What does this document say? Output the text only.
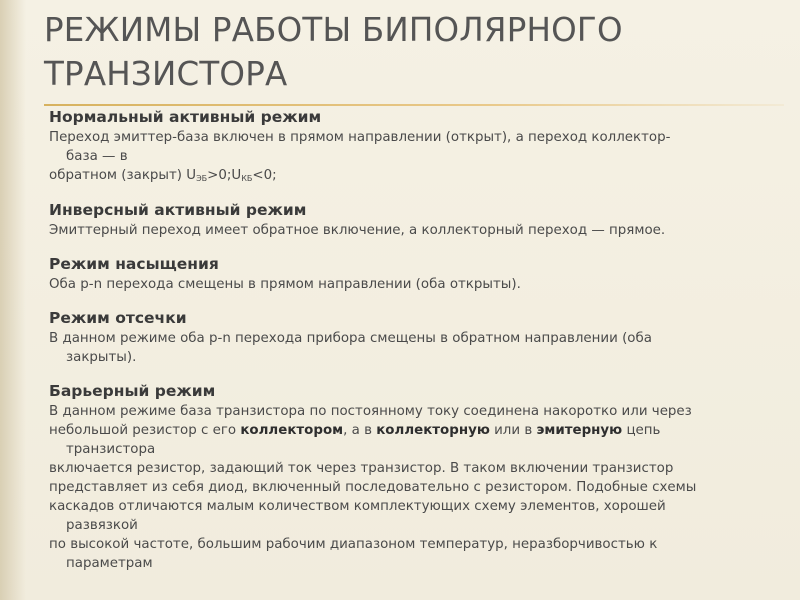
РЕЖИМЫ РАБОТЫ БИПОЛЯРНОГО
ТРАНЗИСТОРА

Нормальный активный режим

Переход эмиттер-база включен в прямом направлении (открыт), а переход коллектор-

база — в

обратном (закрыт) $U_{ЭБ}>0;U_{КБ}<0$;

Инверсный активный режим

Эмиттерный переход имеет обратное включение, а коллекторный переход — прямое.

Режим насыщения

Оба p-n перехода смещены в прямом направлении (оба открыты).

Режим отсечки

В данном режиме оба p-n перехода прибора смещены в обратном направлении (оба

закрыты).

Барьерный режим

В данном режиме база транзистора по постоянному току соединена накоротко или через

небольшой резистор с его коллектором, а в коллекторную или в эмитерную цепь

транзистора

включается резистор, задающий ток через транзистор. В таком включении транзистор

представляет из себя диод, включенный последовательно с резистором. Подобные схемы

каскадов отличаются малым количеством комплектующих схему элементов, хорошей

развязкой

по высокой частоте, большим рабочим диапазоном температур, неразборчивостью к

параметрам
